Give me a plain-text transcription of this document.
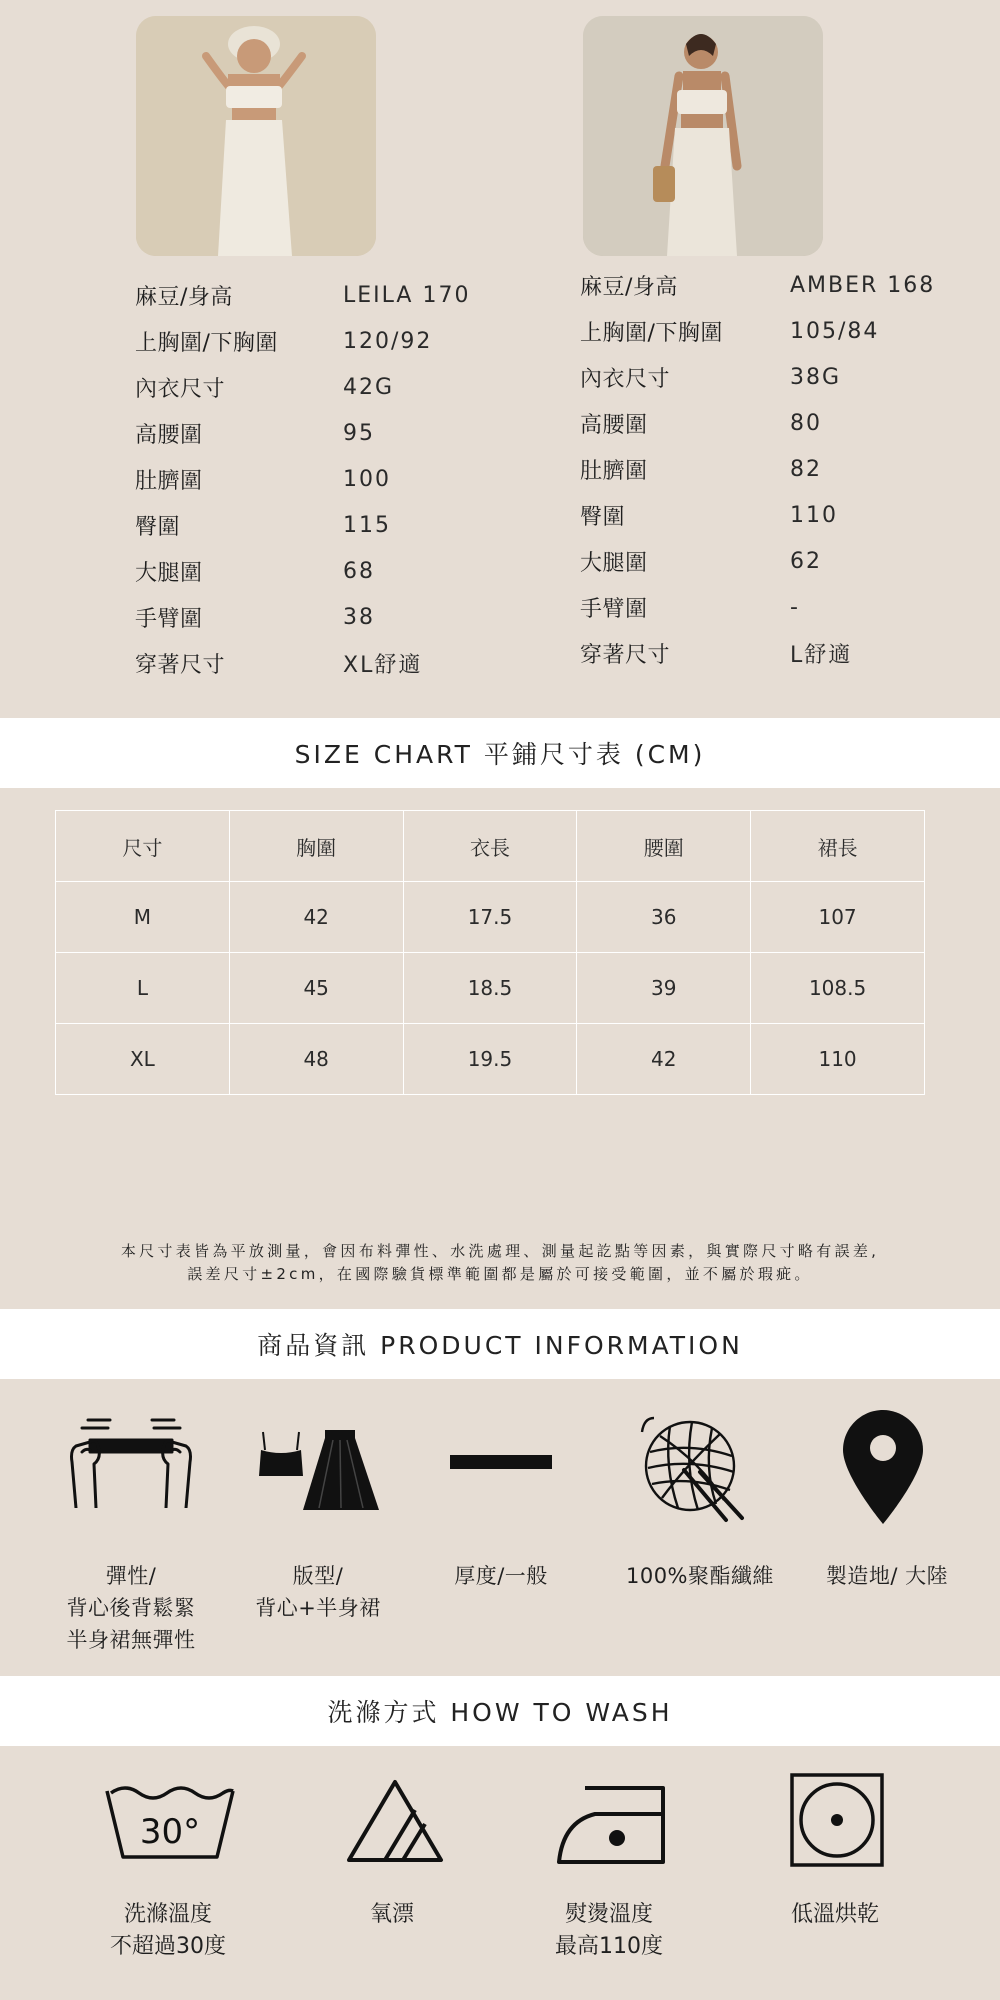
麻豆/身高	LEILA 170
上胸圍/下胸圍	120/92
內衣尺寸	42G
高腰圍	95
肚臍圍	100
臀圍	115
大腿圍	68
手臂圍	38
穿著尺寸	XL舒適
麻豆/身高	AMBER 168
上胸圍/下胸圍	105/84
內衣尺寸	38G
高腰圍	80
肚臍圍	82
臀圍	110
大腿圍	62
手臂圍	-
穿著尺寸	L舒適
SIZE CHART 平鋪尺寸表 (CM)
尺寸	胸圍	衣長	腰圍	裙長
M	42	17.5	36	107
L	45	18.5	39	108.5
XL	48	19.5	42	110
本尺寸表皆為平放測量，會因布料彈性、水洗處理、測量起訖點等因素，與實際尺寸略有誤差,
誤差尺寸±2cm，在國際驗貨標準範圍都是屬於可接受範圍，並不屬於瑕疵。
商品資訊 PRODUCT INFORMATION
彈性/
背心後背鬆緊
半身裙無彈性
版型/
背心+半身裙
厚度/一般	100%聚酯纖維 製造地/ 大陸
洗滌方式 HOW TO WASH
30°
洗滌溫度
不超過30度
氧漂	熨燙溫度
最高110度
低溫烘乾
